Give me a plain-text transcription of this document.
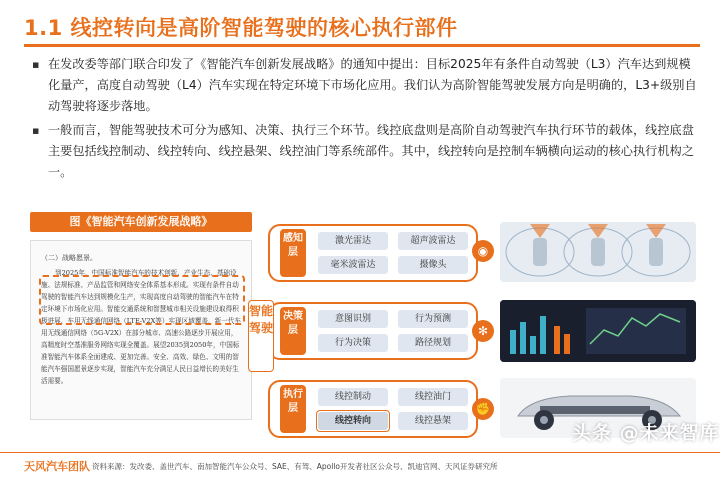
1.1 线控转向是高阶智能驾驶的核心执行部件
▪ 在发改委等部门联合印发了《智能汽车创新发展战略》的通知中提出：目标2025年有条件自动驾驶（L3）汽车达到规模化量产，高度自动驾驶（L4）汽车实现在特定环境下市场化应用。我们认为高阶智能驾驶发展方向是明确的，L3+级别自动驾驶将逐步落地。
▪ 一般而言，智能驾驶技术可分为感知、决策、执行三个环节。线控底盘则是高阶自动驾驶汽车执行环节的载体，线控底盘主要包括线控制动、线控转向、线控悬架、线控油门等系统部件。其中，线控转向是控制车辆横向运动的核心执行机构之一。
图《智能汽车创新发展战略》
（二）战略愿景。
到2025年，中国标准智能汽车的技术创新、产业生态、基础设施、法规标准、产品监管和网络安全体系基本形成。实现有条件自动驾驶的智能汽车达到规模化生产，实现高度自动驾驶的智能汽车在特定环境下市场化应用。智能交通系统和智慧城市相关设施建设取得积极进展，车用无线通信网络（LTE-V2X等）实现区域覆盖，新一代车用无线通信网络（5G-V2X）在部分城市、高速公路逐步开展应用，高精度时空基准服务网络实现全覆盖。展望2035到2050年，中国标准智能汽车体系全面建成、更加完善。安全、高效、绿色、文明的智能汽车强国愿景逐步实现，智能汽车充分满足人民日益增长的美好生活需要。
智能驾驶
感知层
决策层
执行层
激光雷达	超声波雷达
毫米波雷达	摄像头
意图识别	行为预测
行为决策	路径规划
线控制动	线控油门
线控转向	线控悬架
◉
✻
✊
头条 @未来智库
天风汽车团队 资料来源：发改委、盖世汽车、南加智能汽车公众号、SAE、有驾、Apollo开发者社区公众号、凯迪官网、天风证券研究所
